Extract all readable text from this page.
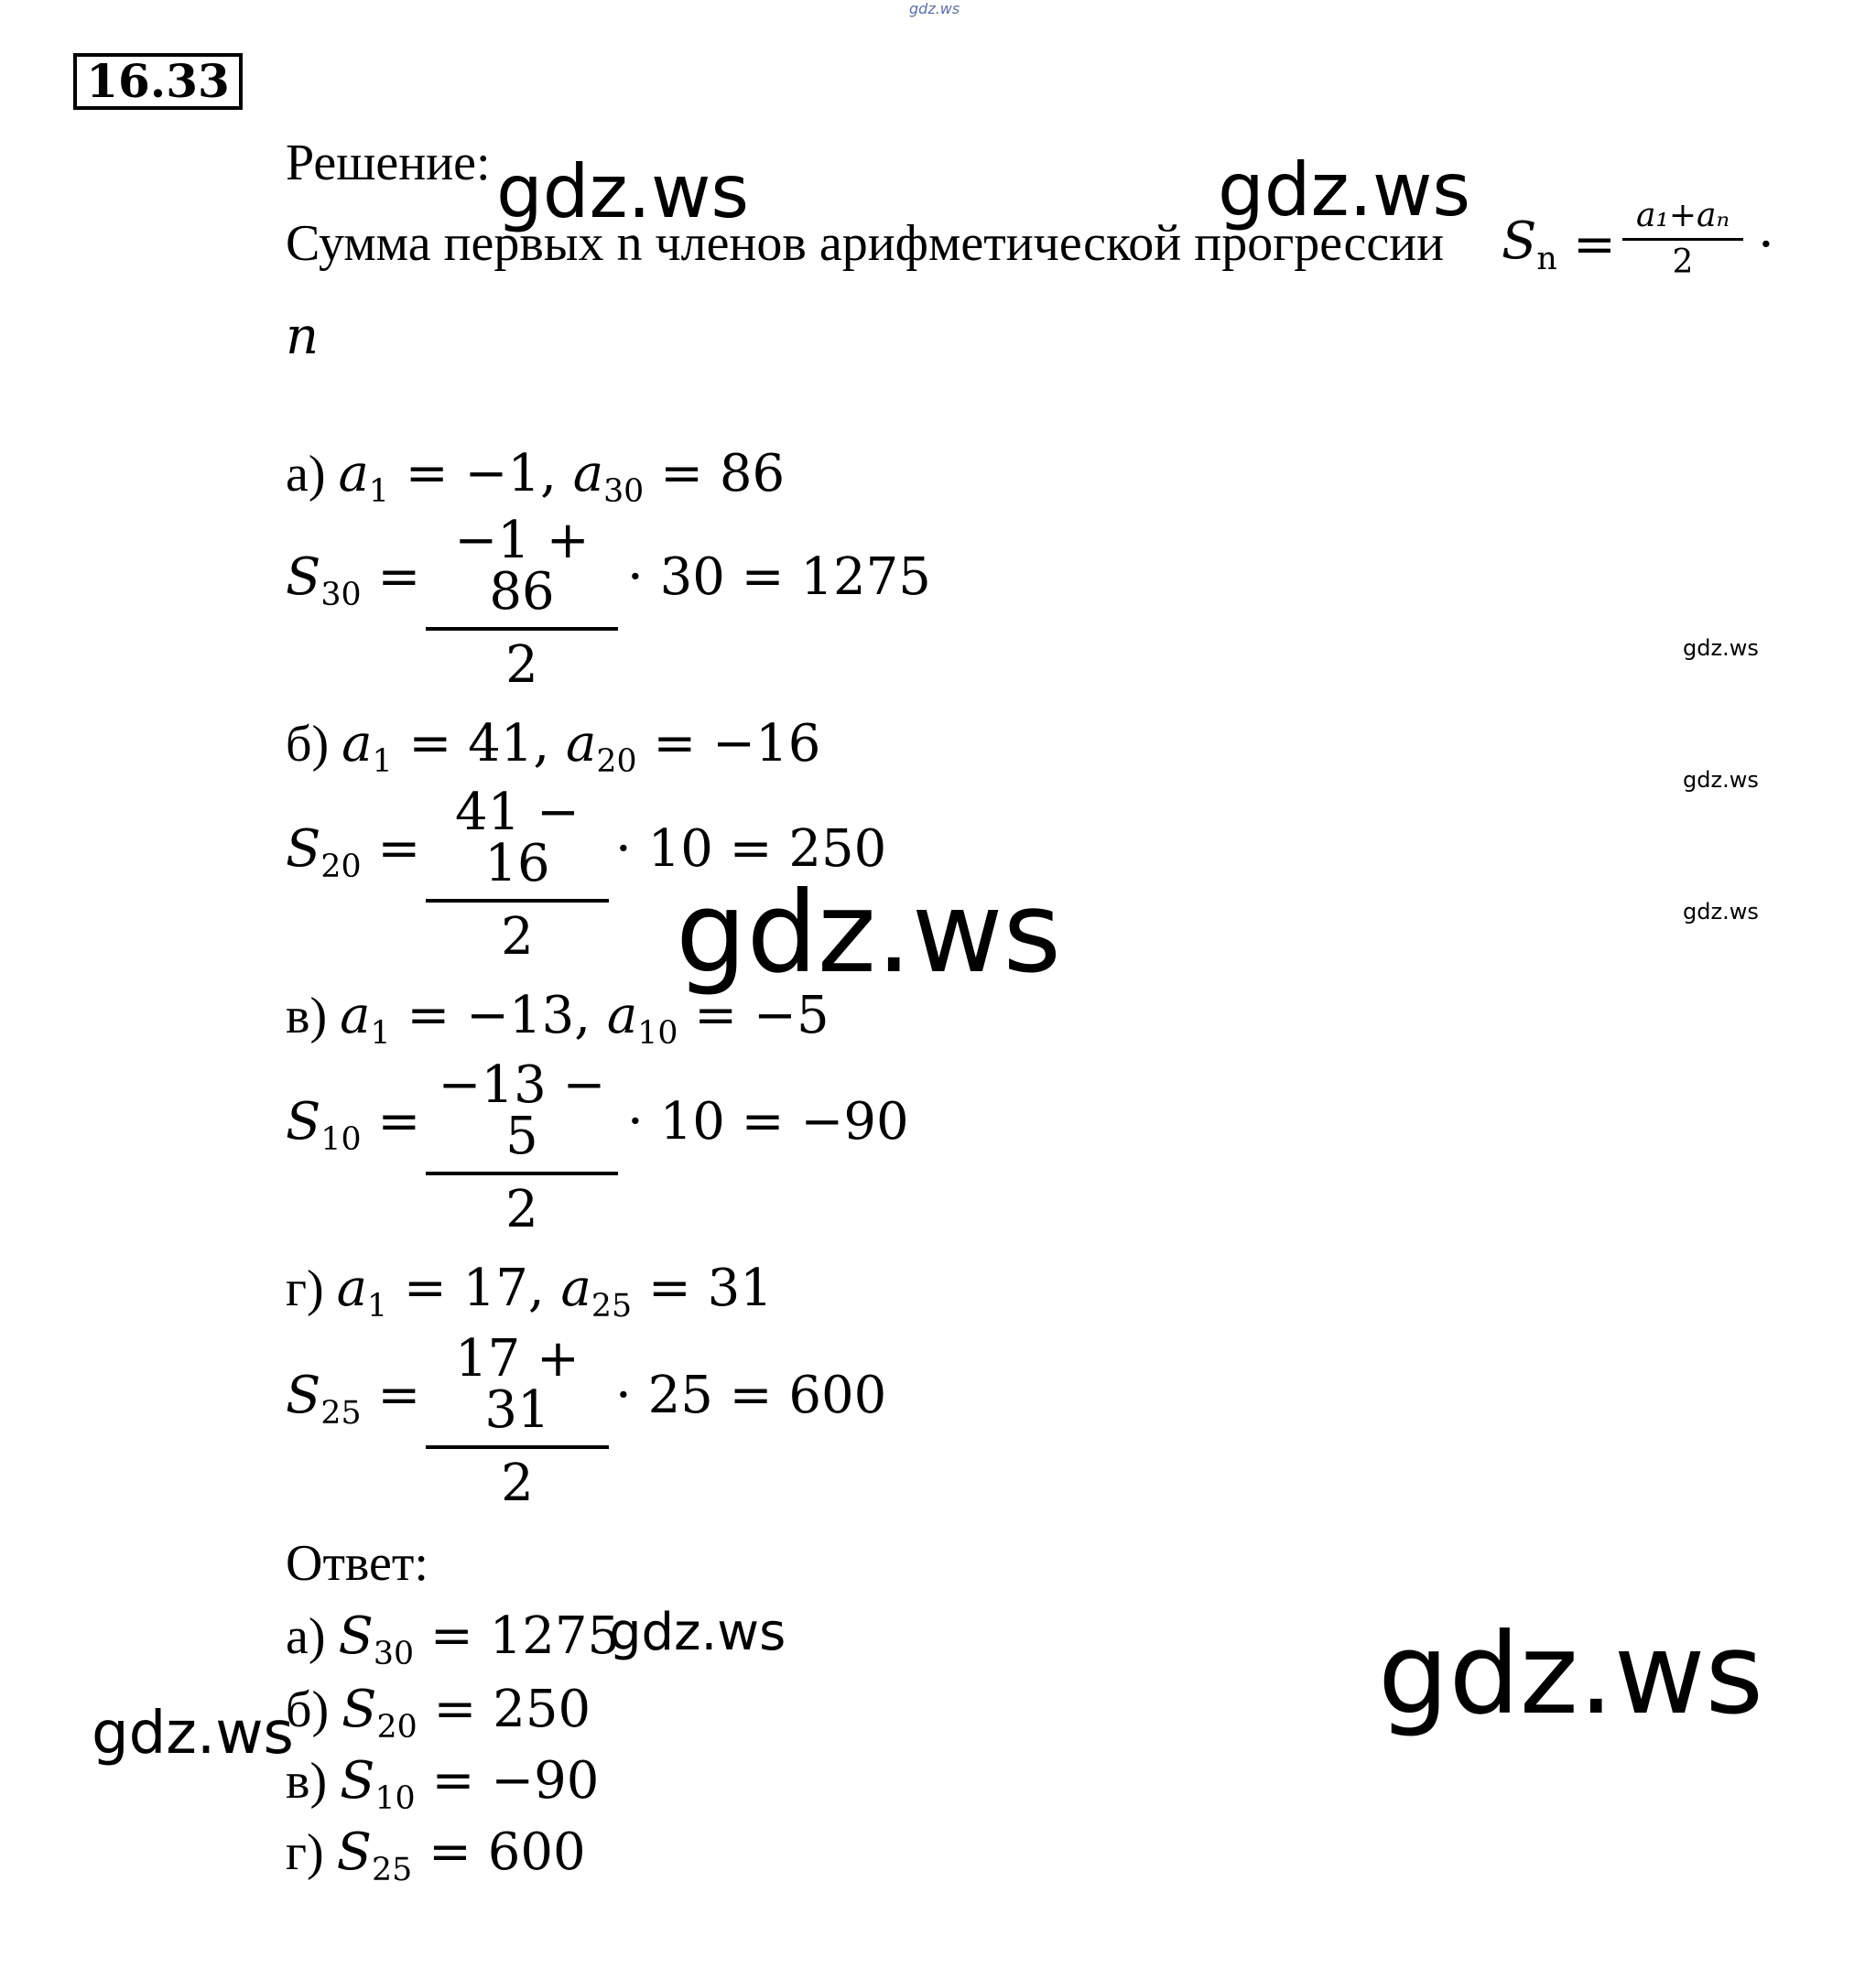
gdz.ws
16.33
Решение:
Сумма первых n членов арифметической прогрессии $S_n = a_1+a_n$
2	·
n
а) $a_1 = -1$, $a_{30} = 86$
$S_{30}$ =
−1 + 86
2
· 30 = 1275
б) $a_1 = 41$, $a_{20} = -16$
$S_{20}$ =
41 − 16
2
· 10 = 250
в) $a_1 = -13$, $a_{10} = -5$
$S_{10}$ =
−13 − 5
2
· 10 = −90
г) $a_1 = 17$, $a_{25} = 31$
$S_{25}$ =
17 + 31
2
· 25 = 600
Ответ:
а) $S_{30} = 1275$
б) $S_{20} = 250$
в) $S_{10} = -90$
г) $S_{25} = 600$
gdz.ws	gdz.ws
gdz.ws
gdz.ws
gdz.ws
gdz.ws
gdz.ws
gdz.ws	gdz.ws
